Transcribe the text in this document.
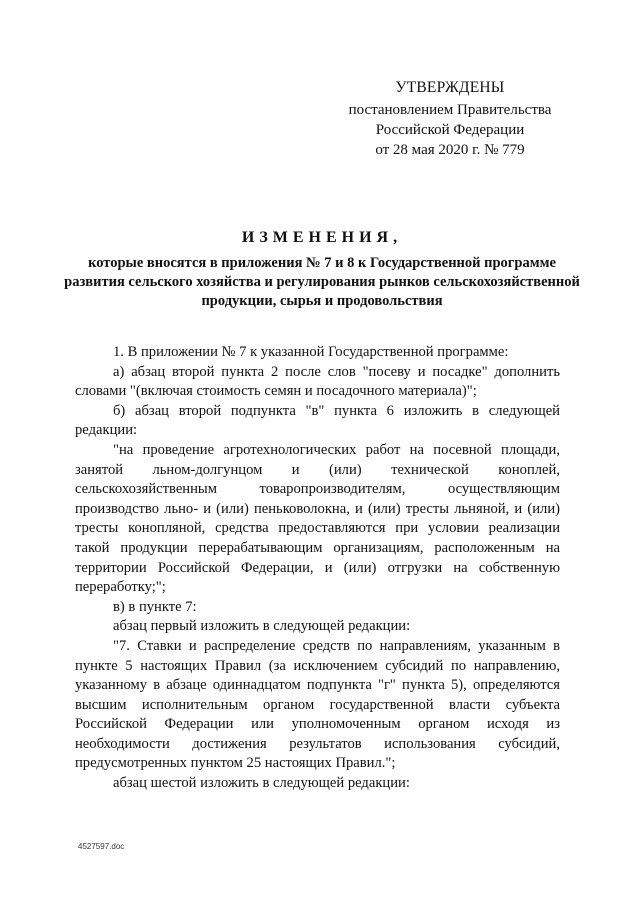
УТВЕРЖДЕНЫ
постановлением Правительства
Российской Федерации
от 28 мая 2020 г. № 779
ИЗМЕНЕНИЯ,
которые вносятся в приложения № 7 и 8 к Государственной программе развития сельского хозяйства и регулирования рынков сельскохозяйственной продукции, сырья и продовольствия

1. В приложении № 7 к указанной Государственной программе:

а) абзац второй пункта 2 после слов "посеву и посадке" дополнить словами "(включая стоимость семян и посадочного материала)";

б) абзац второй подпункта "в" пункта 6 изложить в следующей редакции:

"на проведение агротехнологических работ на посевной площади, занятой льном-долгунцом и (или) технической коноплей, сельскохозяйственным товаропроизводителям, осуществляющим производство льно- и (или) пеньковолокна, и (или) тресты льняной, и (или) тресты конопляной, средства предоставляются при условии реализации такой продукции перерабатывающим организациям, расположенным на территории Российской Федерации, и (или) отгрузки на собственную переработку;";

в) в пункте 7:

абзац первый изложить в следующей редакции:

"7. Ставки и распределение средств по направлениям, указанным в пункте 5 настоящих Правил (за исключением субсидий по направлению, указанному в абзаце одиннадцатом подпункта "г" пункта 5), определяются высшим исполнительным органом государственной власти субъекта Российской Федерации или уполномоченным органом исходя из необходимости достижения результатов использования субсидий, предусмотренных пунктом 25 настоящих Правил.";

абзац шестой изложить в следующей редакции:

4527597.doc
